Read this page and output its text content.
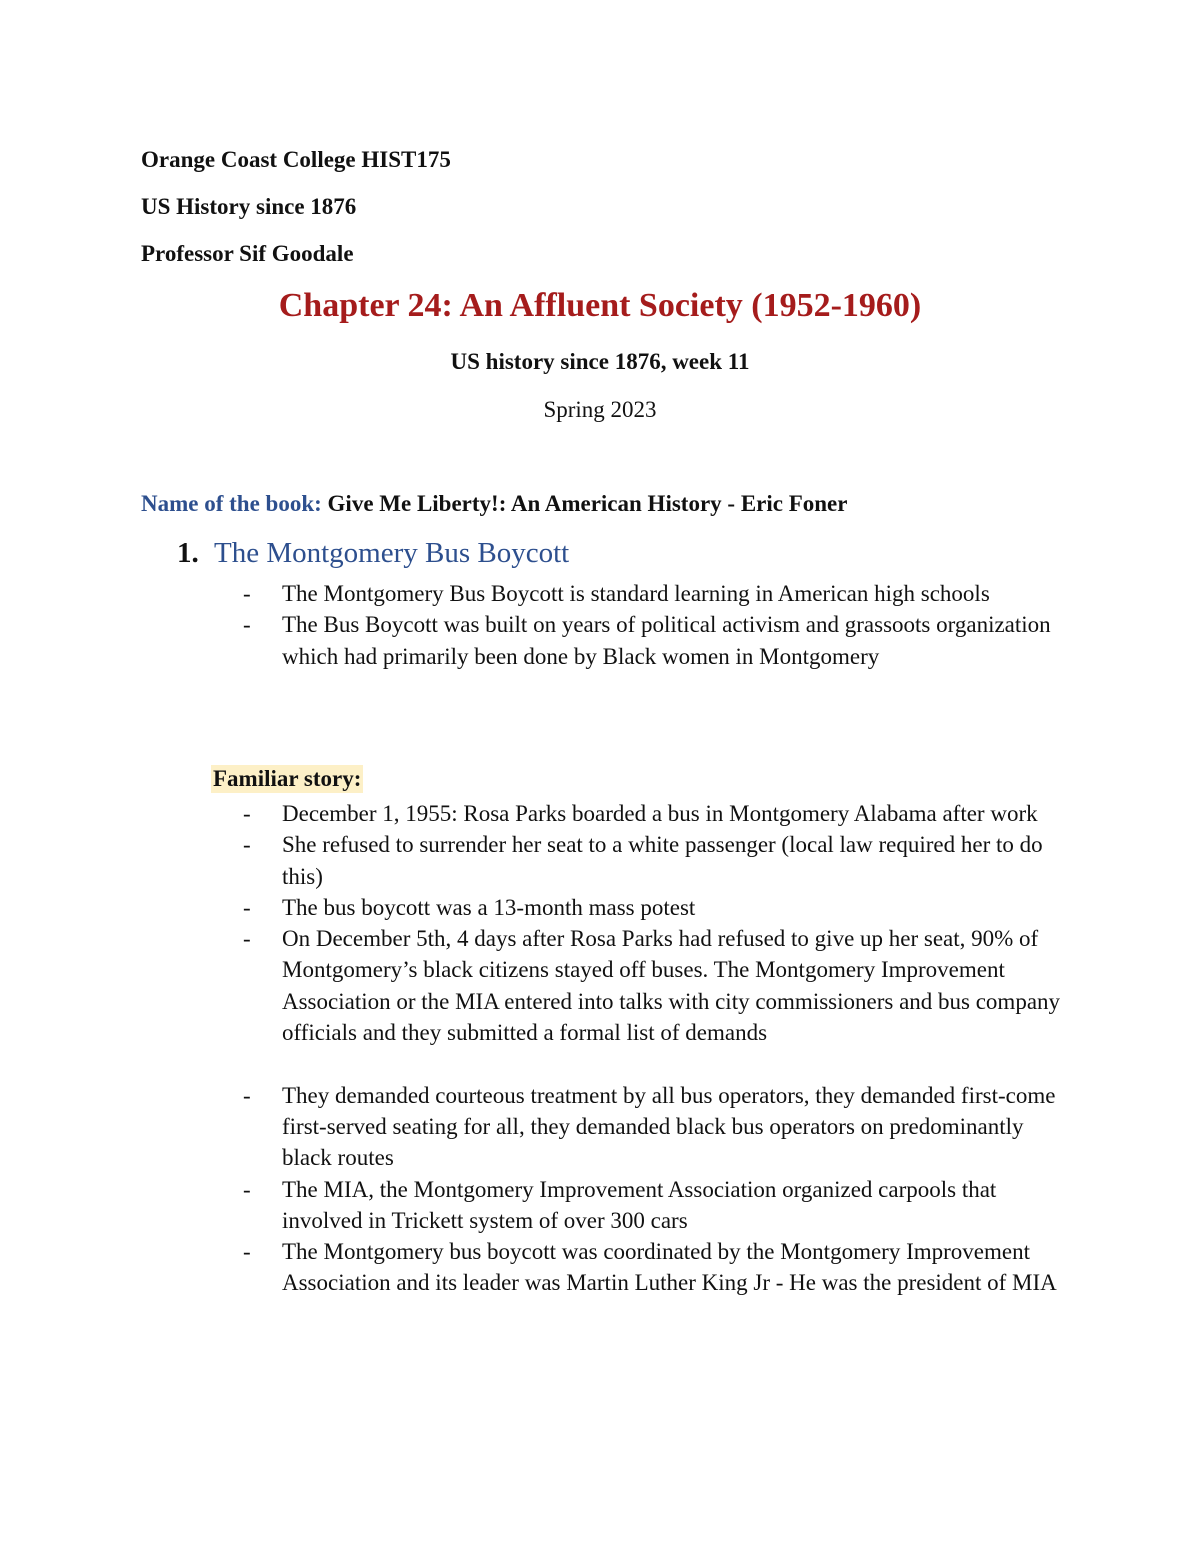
Orange Coast College HIST175
US History since 1876
Professor Sif Goodale
Chapter 24: An Affluent Society (1952-1960)
US history since 1876, week 11
Spring 2023
Name of the book: Give Me Liberty!: An American History - Eric Foner
1. The Montgomery Bus Boycott
- The Montgomery Bus Boycott is standard learning in American high schools
- The Bus Boycott was built on years of political activism and grassoots organization which had primarily been done by Black women in Montgomery
Familiar story:
- December 1, 1955: Rosa Parks boarded a bus in Montgomery Alabama after work
- She refused to surrender her seat to a white passenger (local law required her to do this)
- The bus boycott was a 13-month mass potest
- On December 5th, 4 days after Rosa Parks had refused to give up her seat, 90% of Montgomery’s black citizens stayed off buses. The Montgomery Improvement Association or the MIA entered into talks with city commissioners and bus company officials and they submitted a formal list of demands
- They demanded courteous treatment by all bus operators, they demanded first-come first-served seating for all, they demanded black bus operators on predominantly black routes
- The MIA, the Montgomery Improvement Association organized carpools that involved in Trickett system of over 300 cars
- The Montgomery bus boycott was coordinated by the Montgomery Improvement Association and its leader was Martin Luther King Jr - He was the president of MIA
